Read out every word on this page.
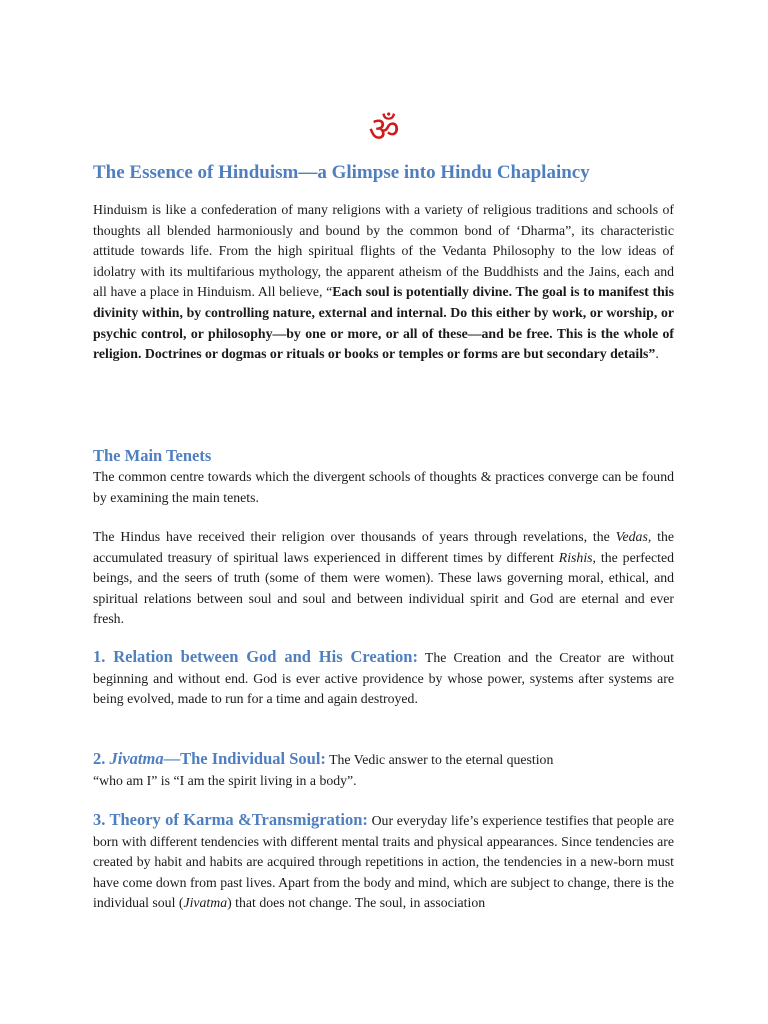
ॐ
The Essence of Hinduism—a Glimpse into Hindu Chaplaincy

Hinduism is like a confederation of many religions with a variety of religious traditions and schools of thoughts all blended harmoniously and bound by the common bond of ‘Dharma”, its characteristic attitude towards life. From the high spiritual flights of the Vedanta Philosophy to the low ideas of idolatry with its multifarious mythology, the apparent atheism of the Buddhists and the Jains, each and all have a place in Hinduism. All believe, “Each soul is potentially divine. The goal is to manifest this divinity within, by controlling nature, external and internal. Do this either by work, or worship, or psychic control, or philosophy—by one or more, or all of these—and be free. This is the whole of religion. Doctrines or dogmas or rituals or books or temples or forms are but secondary details”.

The Main Tenets

The common centre towards which the divergent schools of thoughts & practices converge can be found by examining the main tenets.

The Hindus have received their religion over thousands of years through revelations, the Vedas, the accumulated treasury of spiritual laws experienced in different times by different Rishis, the perfected beings, and the seers of truth (some of them were women). These laws governing moral, ethical, and spiritual relations between soul and soul and between individual spirit and God are eternal and ever fresh.

1. Relation between God and His Creation: The Creation and the Creator are without beginning and without end. God is ever active providence by whose power, systems after systems are being evolved, made to run for a time and again destroyed.

2. Jivatma—The Individual Soul: The Vedic answer to the eternal question
“who am I” is “I am the spirit living in a body”.

3. Theory of Karma &Transmigration: Our everyday life’s experience testifies that people are born with different tendencies with different mental traits and physical appearances. Since tendencies are created by habit and habits are acquired through repetitions in action, the tendencies in a new-born must have come down from past lives. Apart from the body and mind, which are subject to change, there is the individual soul (Jivatma) that does not change. The soul, in association
